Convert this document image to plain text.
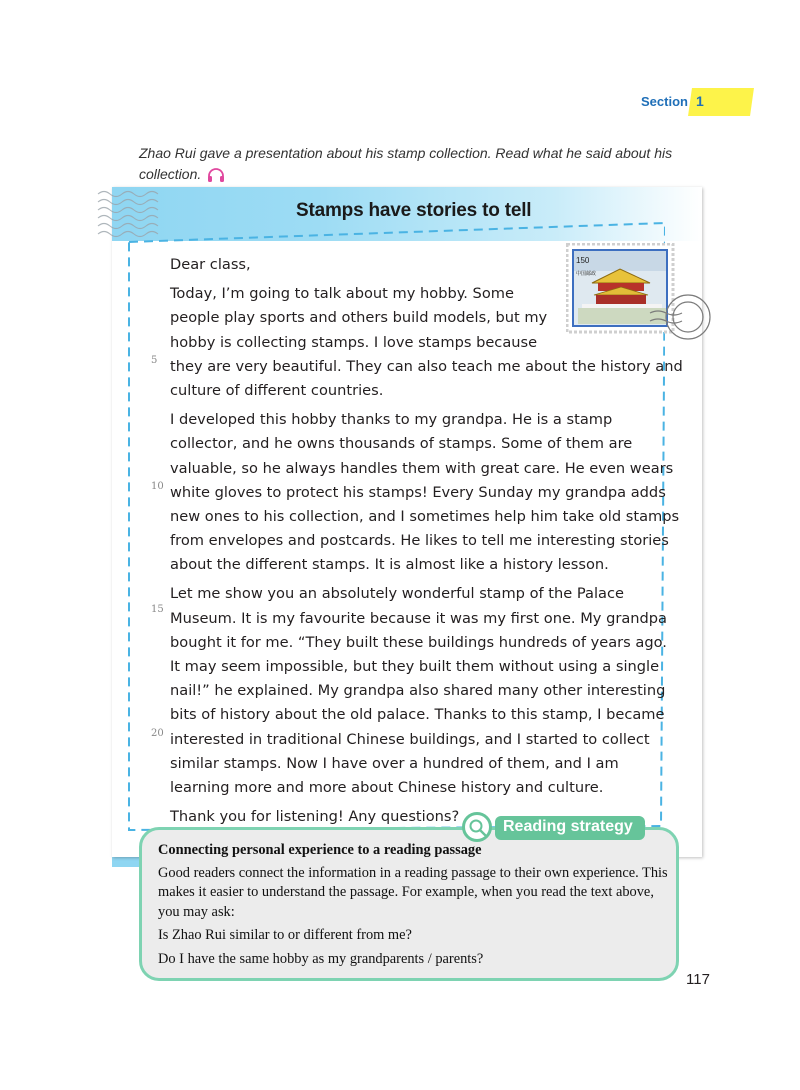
Section 1
Zhao Rui gave a presentation about his stamp collection. Read what he said about his collection.
Stamps have stories to tell
150
中国邮政

Dear class,

Today, I’m going to talk about my hobby. Some
people play sports and others build models, but my
hobby is collecting stamps. I love stamps because
they are very beautiful. They can also teach me about the history and
culture of different countries.

I developed this hobby thanks to my grandpa. He is a stamp
collector, and he owns thousands of stamps. Some of them are
valuable, so he always handles them with great care. He even wears
white gloves to protect his stamps! Every Sunday my grandpa adds
new ones to his collection, and I sometimes help him take old stamps
from envelopes and postcards. He likes to tell me interesting stories
about the different stamps. It is almost like a history lesson.

Let me show you an absolutely wonderful stamp of the Palace
Museum. It is my favourite because it was my first one. My grandpa
bought it for me. “They built these buildings hundreds of years ago.
It may seem impossible, but they built them without using a single
nail!” he explained. My grandpa also shared many other interesting
bits of history about the old palace. Thanks to this stamp, I became
interested in traditional Chinese buildings, and I started to collect
similar stamps. Now I have over a hundred of them, and I am
learning more and more about Chinese history and culture.

Thank you for listening! Any questions?

5
10
15
20
Reading strategy
Connecting personal experience to a reading passage
Good readers connect the information in a reading passage to their own experience. This makes it easier to understand the passage. For example, when you read the text above, you may ask:
Is Zhao Rui similar to or different from me?
Do I have the same hobby as my grandparents / parents?
117
